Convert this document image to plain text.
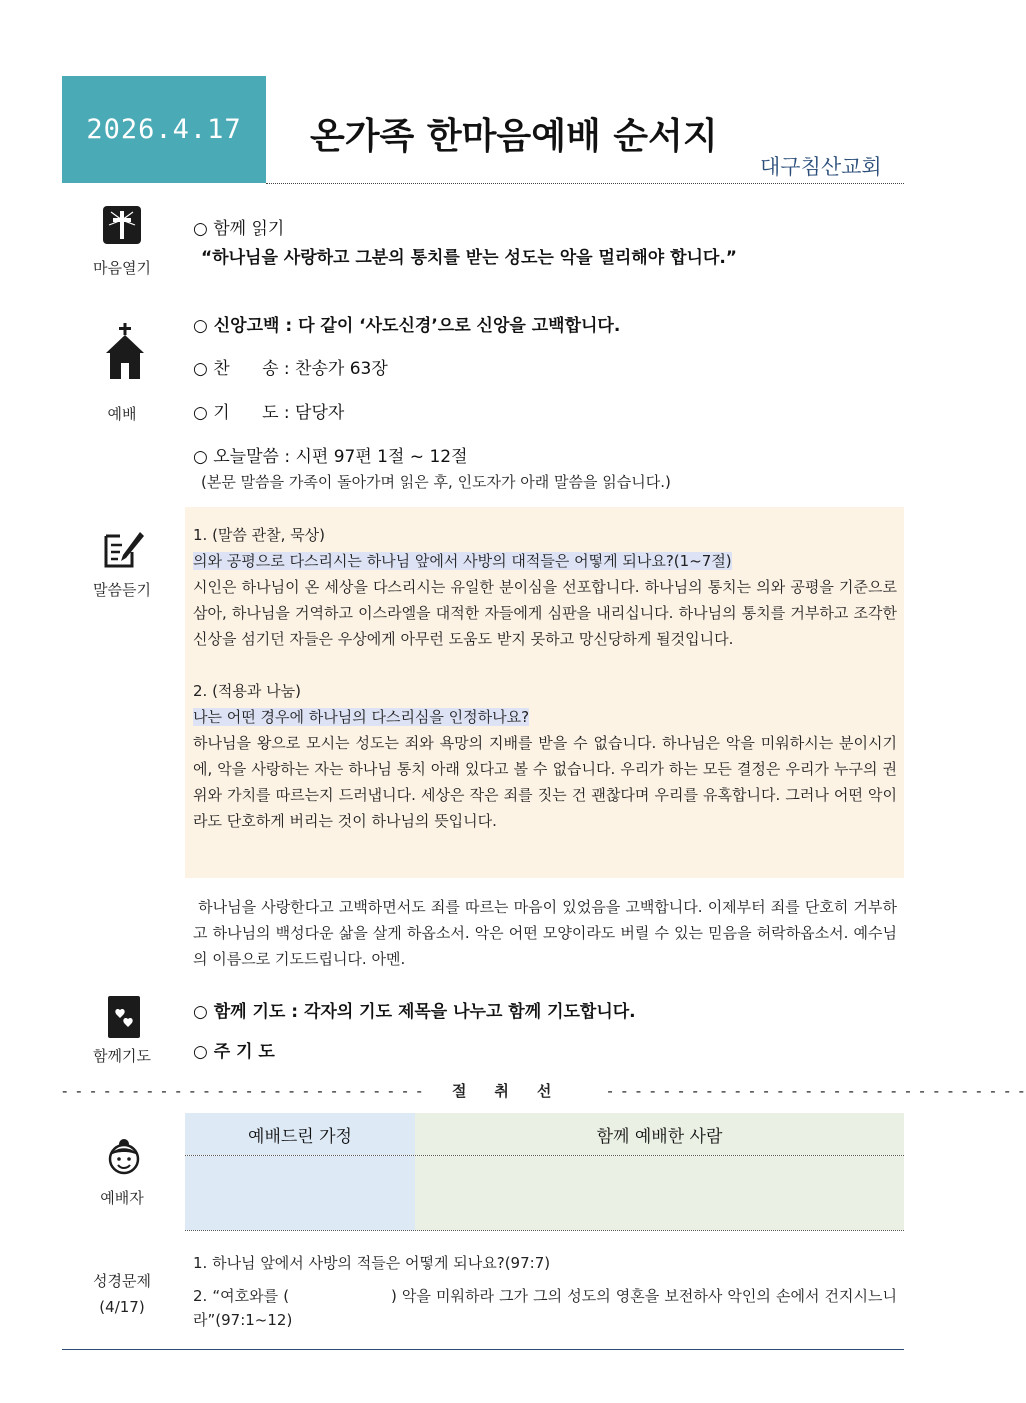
2026.4.17	온가족 한마음예배 순서지
대구침산교회
마음열기
○ 함께 읽기
“하나님을 사랑하고 그분의 통치를 받는 성도는 악을 멀리해야 합니다.”
예배
○ 신앙고백 : 다 같이 ‘사도신경’으로 신앙을 고백합니다.
○ 찬      송 : 찬송가 63장
○ 기      도 : 담당자
○ 오늘말씀 : 시편 97편 1절 ~ 12절
(본문 말씀을 가족이 돌아가며 읽은 후, 인도자가 아래 말씀을 읽습니다.)
말씀듣기
1. (말씀 관찰, 묵상)
의와 공평으로 다스리시는 하나님 앞에서 사방의 대적들은 어떻게 되나요?(1~7절)
시인은 하나님이 온 세상을 다스리시는 유일한 분이심을 선포합니다. 하나님의 통치는 의와 공평을 기준으로 삼아, 하나님을 거역하고 이스라엘을 대적한 자들에게 심판을 내리십니다. 하나님의 통치를 거부하고 조각한 신상을 섬기던 자들은 우상에게 아무런 도움도 받지 못하고 망신당하게 될것입니다.
2. (적용과 나눔)
나는 어떤 경우에 하나님의 다스리심을 인정하나요?
하나님을 왕으로 모시는 성도는 죄와 욕망의 지배를 받을 수 없습니다. 하나님은 악을 미워하시는 분이시기에, 악을 사랑하는 자는 하나님 통치 아래 있다고 볼 수 없습니다. 우리가 하는 모든 결정은 우리가 누구의 권위와 가치를 따르는지 드러냅니다. 세상은 작은 죄를 짓는 건 괜찮다며 우리를 유혹합니다. 그러나 어떤 악이라도 단호하게 버리는 것이 하나님의 뜻입니다.
하나님을 사랑한다고 고백하면서도 죄를 따르는 마음이 있었음을 고백합니다. 이제부터 죄를 단호히 거부하고 하나님의 백성다운 삶을 살게 하옵소서. 악은 어떤 모양이라도 버릴 수 있는 믿음을 허락하옵소서. 예수님의 이름으로 기도드립니다. 아멘.
함께기도
○ 함께 기도 : 각자의 기도 제목을 나누고 함께 기도합니다.
○ 주 기 도
- - - - - - - - - - - - - - - - - - - - - - - - - -	절취선	- - - - - - - - - - - - - - - - - - - - - - - - - - - - - -
예배드린 가정	함께 예배한 사람
예배자
성경문제
(4/17)
1. 하나님 앞에서 사방의 적들은 어떻게 되나요?(97:7)
2. “여호와를 (                    ) 악을 미워하라 그가 그의 성도의 영혼을 보전하사 악인의 손에서 건지시느니라”(97:1~12)
